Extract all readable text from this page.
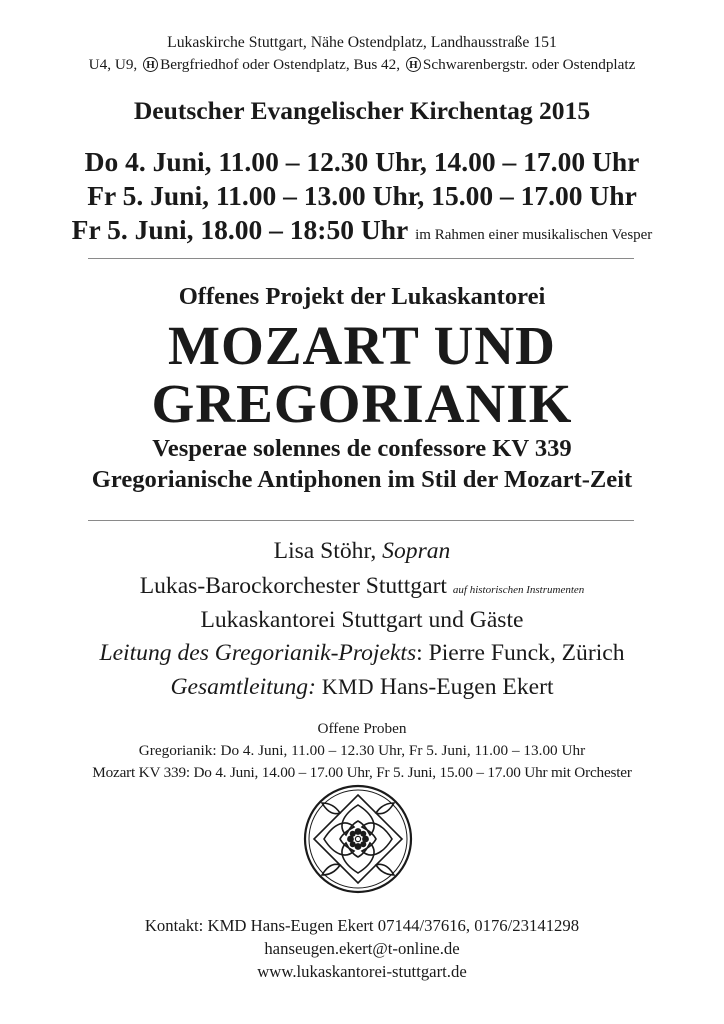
Lukaskirche Stuttgart, Nähe Ostendplatz, Landhausstraße 151
U4, U9, H Bergfriedhof oder Ostendplatz, Bus 42, H Schwarenbergstr. oder Ostendplatz
Deutscher Evangelischer Kirchentag 2015
Do 4. Juni, 11.00 – 12.30 Uhr, 14.00 – 17.00 Uhr
Fr 5. Juni, 11.00 – 13.00 Uhr, 15.00 – 17.00 Uhr
Fr 5. Juni, 18.00 – 18:50 Uhr im Rahmen einer musikalischen Vesper
Offenes Projekt der Lukaskantorei
MOZART UND
GREGORIANIK
Vesperae solennes de confessore KV 339
Gregorianische Antiphonen im Stil der Mozart-Zeit
Lisa Stöhr, Sopran
Lukas-Barockorchester Stuttgart auf historischen Instrumenten
Lukaskantorei Stuttgart und Gäste
Leitung des Gregorianik-Projekts: Pierre Funck, Zürich
Gesamtleitung: KMD Hans-Eugen Ekert
Offene Proben
Gregorianik: Do 4. Juni, 11.00 – 12.30 Uhr, Fr 5. Juni, 11.00 – 13.00 Uhr
Mozart KV 339: Do 4. Juni, 14.00 – 17.00 Uhr, Fr 5. Juni, 15.00 – 17.00 Uhr mit Orchester
Kontakt: KMD Hans-Eugen Ekert 07144/37616, 0176/23141298
hanseugen.ekert@t-online.de
www.lukaskantorei-stuttgart.de
